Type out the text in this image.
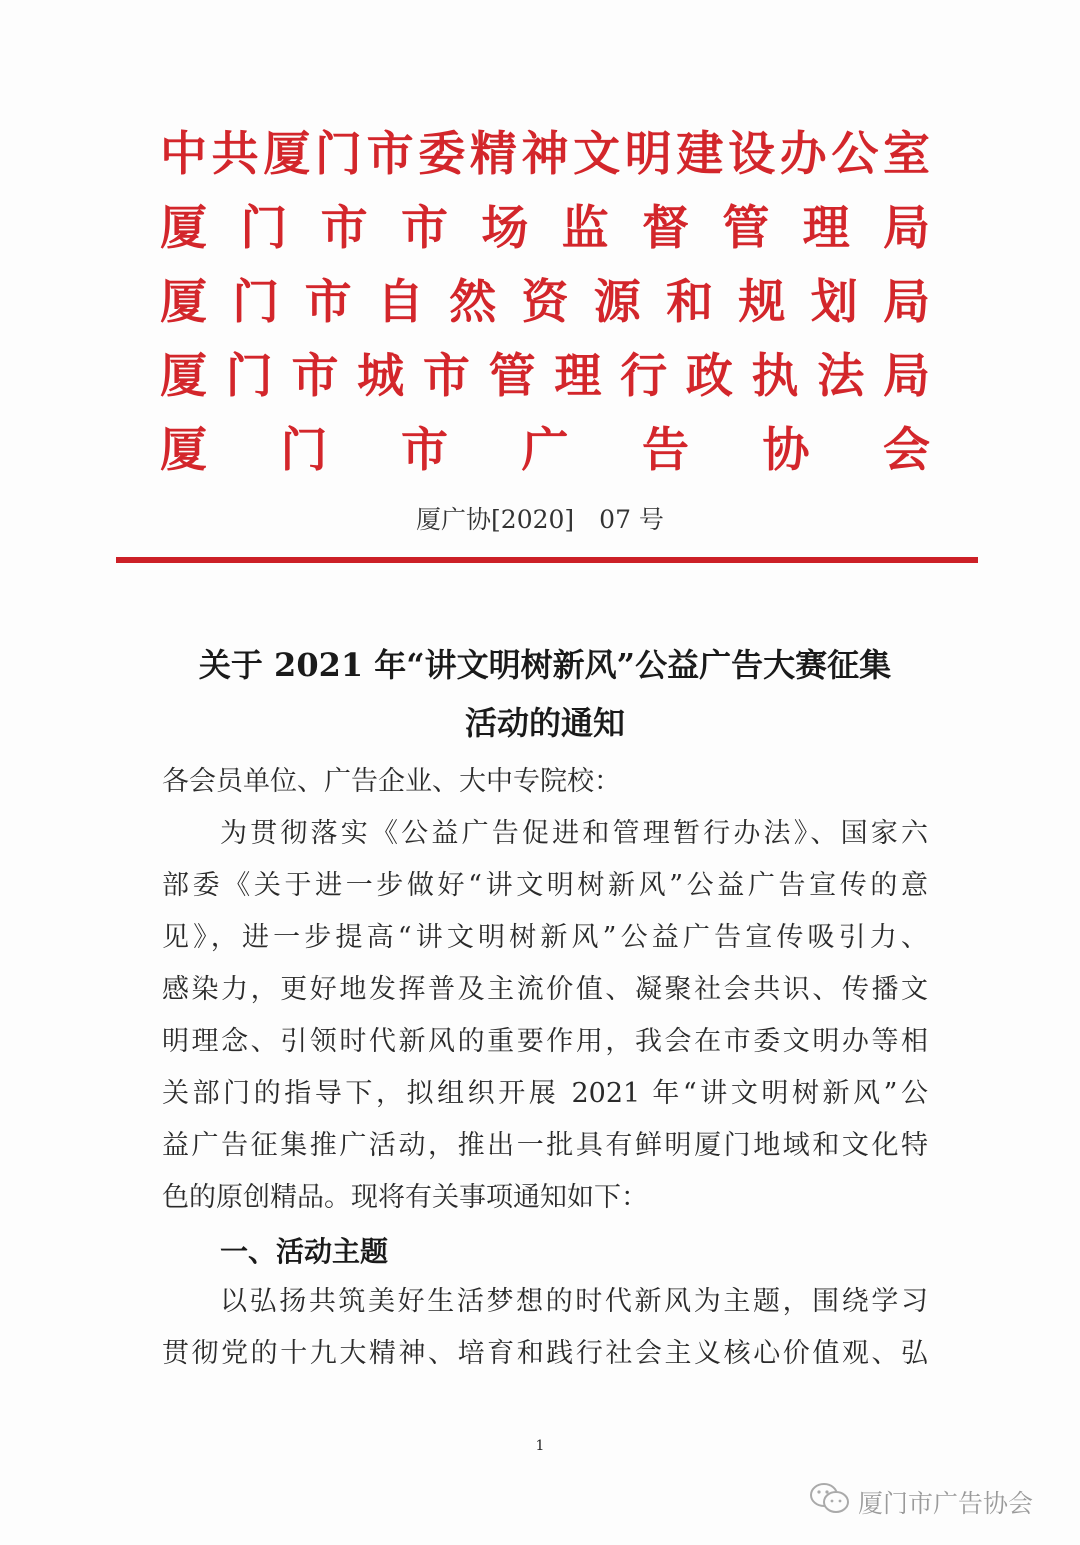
中共厦门市委精神文明建设办公室
厦门市市场监督管理局
厦门市自然资源和规划局
厦门市城市管理行政执法局
厦门市广告协会
厦广协[2020]　07 号
关于 2021 年“讲文明树新风”公益广告大赛征集
活动的通知
各会员单位、广告企业、大中专院校：
为贯彻落实《公益广告促进和管理暂行办法》、国家六
部委《关于进一步做好“讲文明树新风”公益广告宣传的意
见》，进一步提高“讲文明树新风”公益广告宣传吸引力、
感染力，更好地发挥普及主流价值、凝聚社会共识、传播文
明理念、引领时代新风的重要作用，我会在市委文明办等相
关部门的指导下，拟组织开展 2021 年“讲文明树新风”公
益广告征集推广活动，推出一批具有鲜明厦门地域和文化特
色的原创精品。现将有关事项通知如下：
一、活动主题
以弘扬共筑美好生活梦想的时代新风为主题，围绕学习
贯彻党的十九大精神、培育和践行社会主义核心价值观、弘
1
厦门市广告协会
